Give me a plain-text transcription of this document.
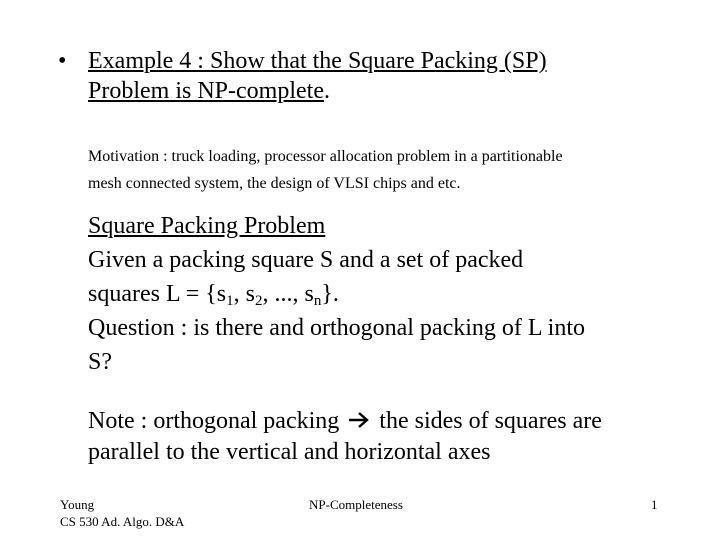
• Example 4 : Show that the Square Packing (SP)
Problem is NP-complete.
Motivation : truck loading, processor allocation problem in a partitionable
mesh connected system, the design of VLSI chips and etc.
Square Packing Problem
Given a packing square S and a set of packed
squares $L = \{s_1$, $s_2$, ..., $s_n$}.
Question : is there and orthogonal packing of L into
S?
Note : orthogonal packing  the sides of squares are
parallel to the vertical and horizontal axes
Young
CS 530 Ad. Algo. D&A
NP-Completeness	1
